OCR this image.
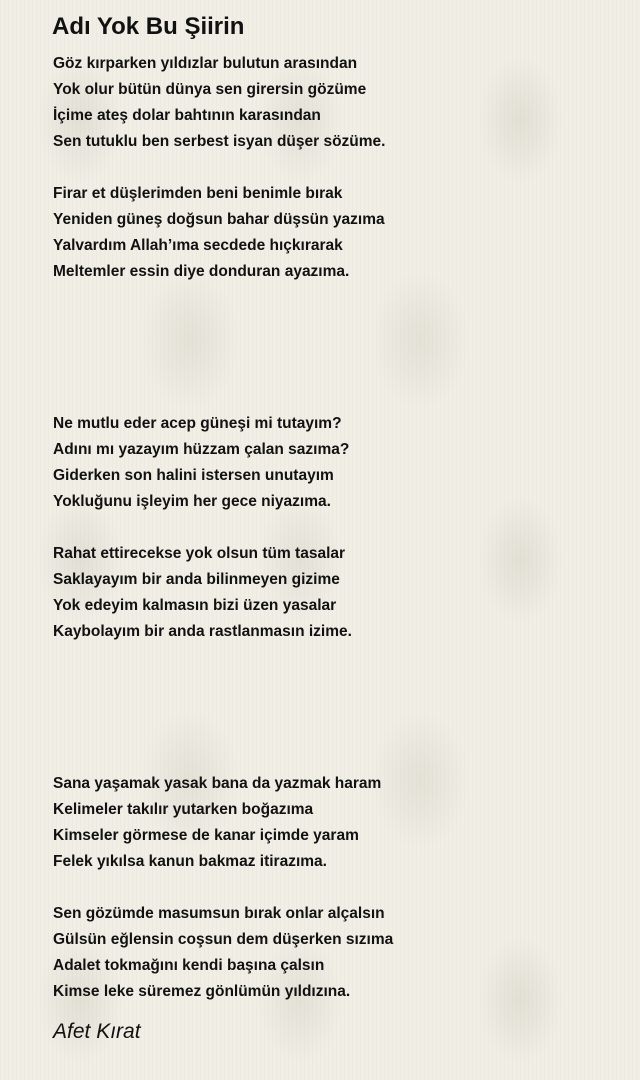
Adı Yok Bu Şiirin
Göz kırparken yıldızlar bulutun arasından
Yok olur bütün dünya sen girersin gözüme
İçime ateş dolar bahtının karasından
Sen tutuklu ben serbest isyan düşer sözüme.
Firar et düşlerimden beni benimle bırak
Yeniden güneş doğsun bahar düşsün yazıma
Yalvardım Allah’ıma secdede hıçkırarak
Meltemler essin diye donduran ayazıma.
Ne mutlu eder acep güneşi mi tutayım?
Adını mı yazayım hüzzam çalan sazıma?
Giderken son halini istersen unutayım
Yokluğunu işleyim her gece niyazıma.
Rahat ettirecekse yok olsun tüm tasalar
Saklayayım bir anda bilinmeyen gizime
Yok edeyim kalmasın bizi üzen yasalar
Kaybolayım bir anda rastlanmasın izime.
Sana yaşamak yasak bana da yazmak haram
Kelimeler takılır yutarken boğazıma
Kimseler görmese de kanar içimde yaram
Felek yıkılsa kanun bakmaz itirazıma.
Sen gözümde masumsun bırak onlar alçalsın
Gülsün eğlensin coşsun dem düşerken sızıma
Adalet tokmağını kendi başına çalsın
Kimse leke süremez gönlümün yıldızına.

Afet Kırat
